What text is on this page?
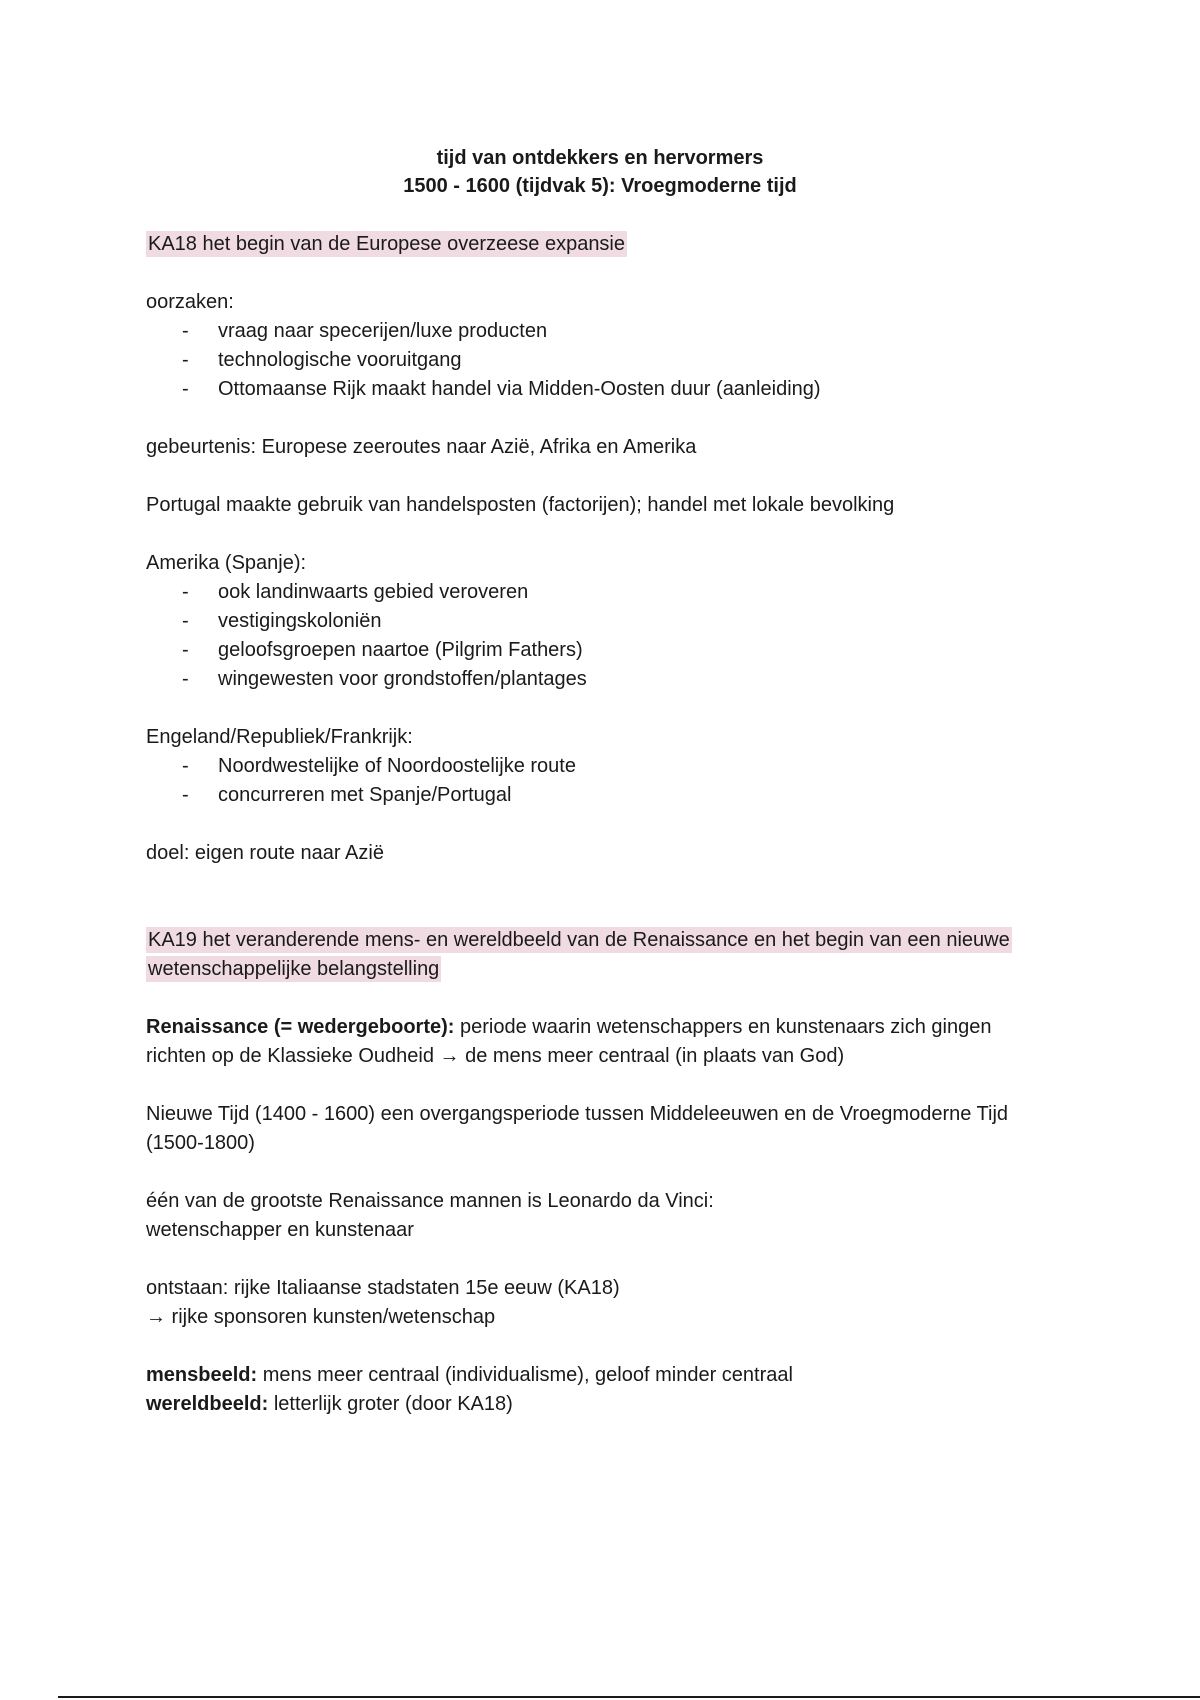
tijd van ontdekkers en hervormers
1500 - 1600 (tijdvak 5): Vroegmoderne tijd
KA18 het begin van de Europese overzeese expansie

oorzaken:

- vraag naar specerijen/luxe producten
- technologische vooruitgang
- Ottomaanse Rijk maakt handel via Midden-Oosten duur (aanleiding)

gebeurtenis: Europese zeeroutes naar Azië, Afrika en Amerika

Portugal maakte gebruik van handelsposten (factorijen); handel met lokale bevolking

Amerika (Spanje):

- ook landinwaarts gebied veroveren
- vestigingskoloniën
- geloofsgroepen naartoe (Pilgrim Fathers)
- wingewesten voor grondstoffen/plantages

Engeland/Republiek/Frankrijk:

- Noordwestelijke of Noordoostelijke route
- concurreren met Spanje/Portugal

doel: eigen route naar Azië

KA19 het veranderende mens- en wereldbeeld van de Renaissance en het begin van een nieuwe wetenschappelijke belangstelling

Renaissance (= wedergeboorte): periode waarin wetenschappers en kunstenaars zich gingen richten op de Klassieke Oudheid → de mens meer centraal (in plaats van God)

Nieuwe Tijd (1400 - 1600) een overgangsperiode tussen Middeleeuwen en de Vroegmoderne Tijd (1500-1800)

één van de grootste Renaissance mannen is Leonardo da Vinci:

wetenschapper en kunstenaar

ontstaan: rijke Italiaanse stadstaten 15e eeuw (KA18)

→ rijke sponsoren kunsten/wetenschap

mensbeeld: mens meer centraal (individualisme), geloof minder centraal

wereldbeeld: letterlijk groter (door KA18)
